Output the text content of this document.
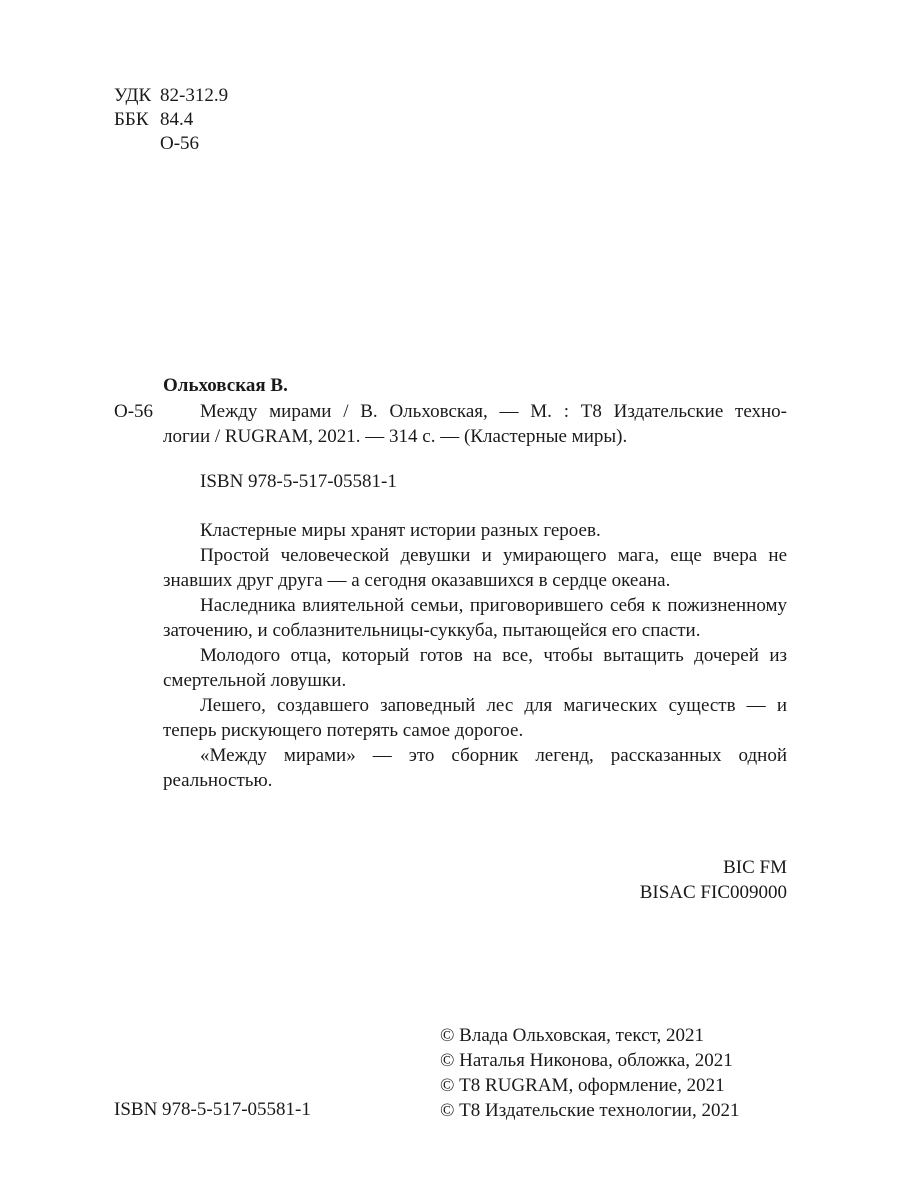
УДК 82-312.9
ББК 84.4
О-56
Ольховская В.
О-56 Между мирами / В. Ольховская, — М. : Т8 Издательские техно-
логии / RUGRAM, 2021. — 314 с. — (Кластерные миры).
ISBN 978-5-517-05581-1

Кластерные миры хранят истории разных героев.

Простой человеческой девушки и умирающего мага, еще вчера не знавших друг друга — а сегодня оказавшихся в сердце океана.

Наследника влиятельной семьи, приговорившего себя к пожизненному заточению, и соблазнительницы-суккуба, пытающейся его спасти.

Молодого отца, который готов на все, чтобы вытащить дочерей из смертельной ловушки.

Лешего, создавшего заповедный лес для магических существ — и теперь рискующего потерять самое дорогое.

«Между мирами» — это сборник легенд, рассказанных одной реальностью.

BIC FM
BISAC FIC009000
ISBN 978-5-517-05581-1
© Влада Ольховская, текст, 2021
© Наталья Никонова, обложка, 2021
© Т8 RUGRAM, оформление, 2021
© Т8 Издательские технологии, 2021
